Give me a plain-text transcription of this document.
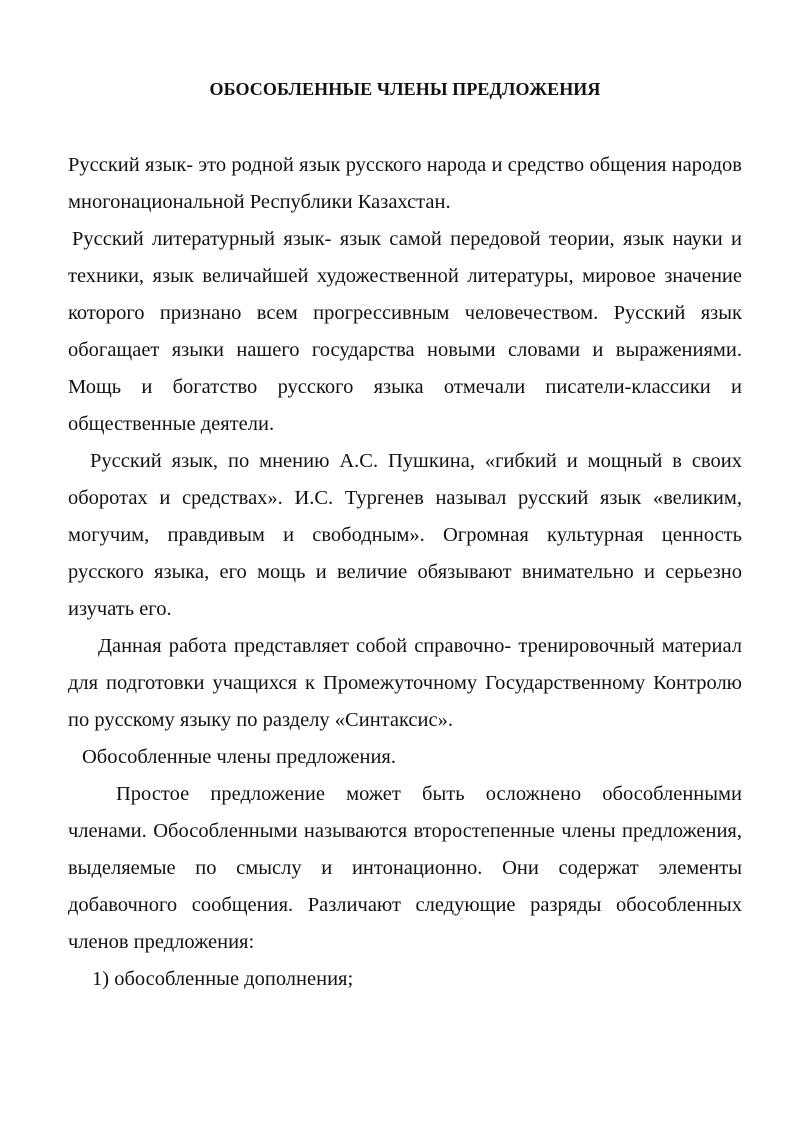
ОБОСОБЛЕННЫЕ ЧЛЕНЫ ПРЕДЛОЖЕНИЯ

Русский язык- это родной язык русского народа и средство общения народов многонациональной Республики Казахстан.

Русский литературный язык- язык самой передовой теории, язык науки и техники, язык величайшей художественной литературы, мировое значение которого признано всем прогрессивным человечеством. Русский язык обогащает языки нашего государства новыми словами и выражениями. Мощь и богатство русского языка отмечали писатели-классики и общественные деятели.

Русский язык, по мнению А.С. Пушкина, «гибкий и мощный в своих оборотах и средствах». И.С. Тургенев называл русский язык «великим, могучим, правдивым и свободным». Огромная культурная ценность русского языка, его мощь и величие обязывают внимательно и серьезно изучать его.

Данная работа представляет собой справочно- тренировочный материал для подготовки учащихся к Промежуточному Государственному Контролю по русскому языку по разделу «Синтаксис».

Обособленные члены предложения.

Простое предложение может быть осложнено обособленными членами. Обособленными называются второстепенные члены предложения, выделяемые по смыслу и интонационно. Они содержат элементы добавочного сообщения. Различают следующие разряды обособленных членов предложения:

1) обособленные дополнения;
